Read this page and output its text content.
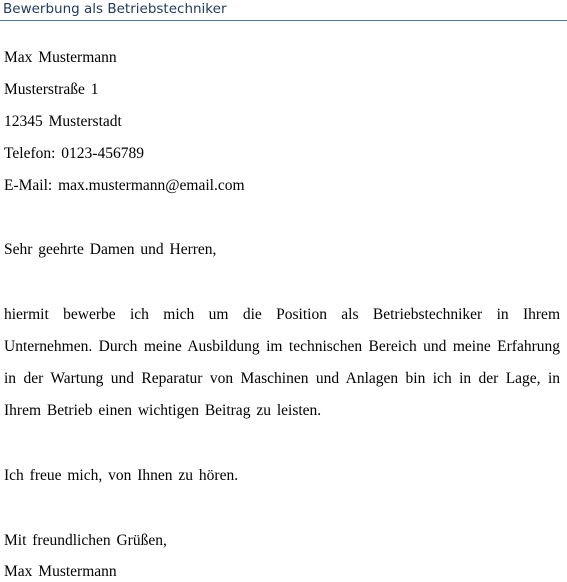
Bewerbung als Betriebstechniker
Max Mustermann
Musterstraße 1
12345 Musterstadt
Telefon: 0123-456789
E-Mail: max.mustermann@email.com
Sehr geehrte Damen und Herren,
hiermit bewerbe ich mich um die Position als Betriebstechniker in Ihrem
Unternehmen. Durch meine Ausbildung im technischen Bereich und meine Erfahrung
in der Wartung und Reparatur von Maschinen und Anlagen bin ich in der Lage, in
Ihrem Betrieb einen wichtigen Beitrag zu leisten.
Ich freue mich, von Ihnen zu hören.
Mit freundlichen Grüßen,
Max Mustermann
